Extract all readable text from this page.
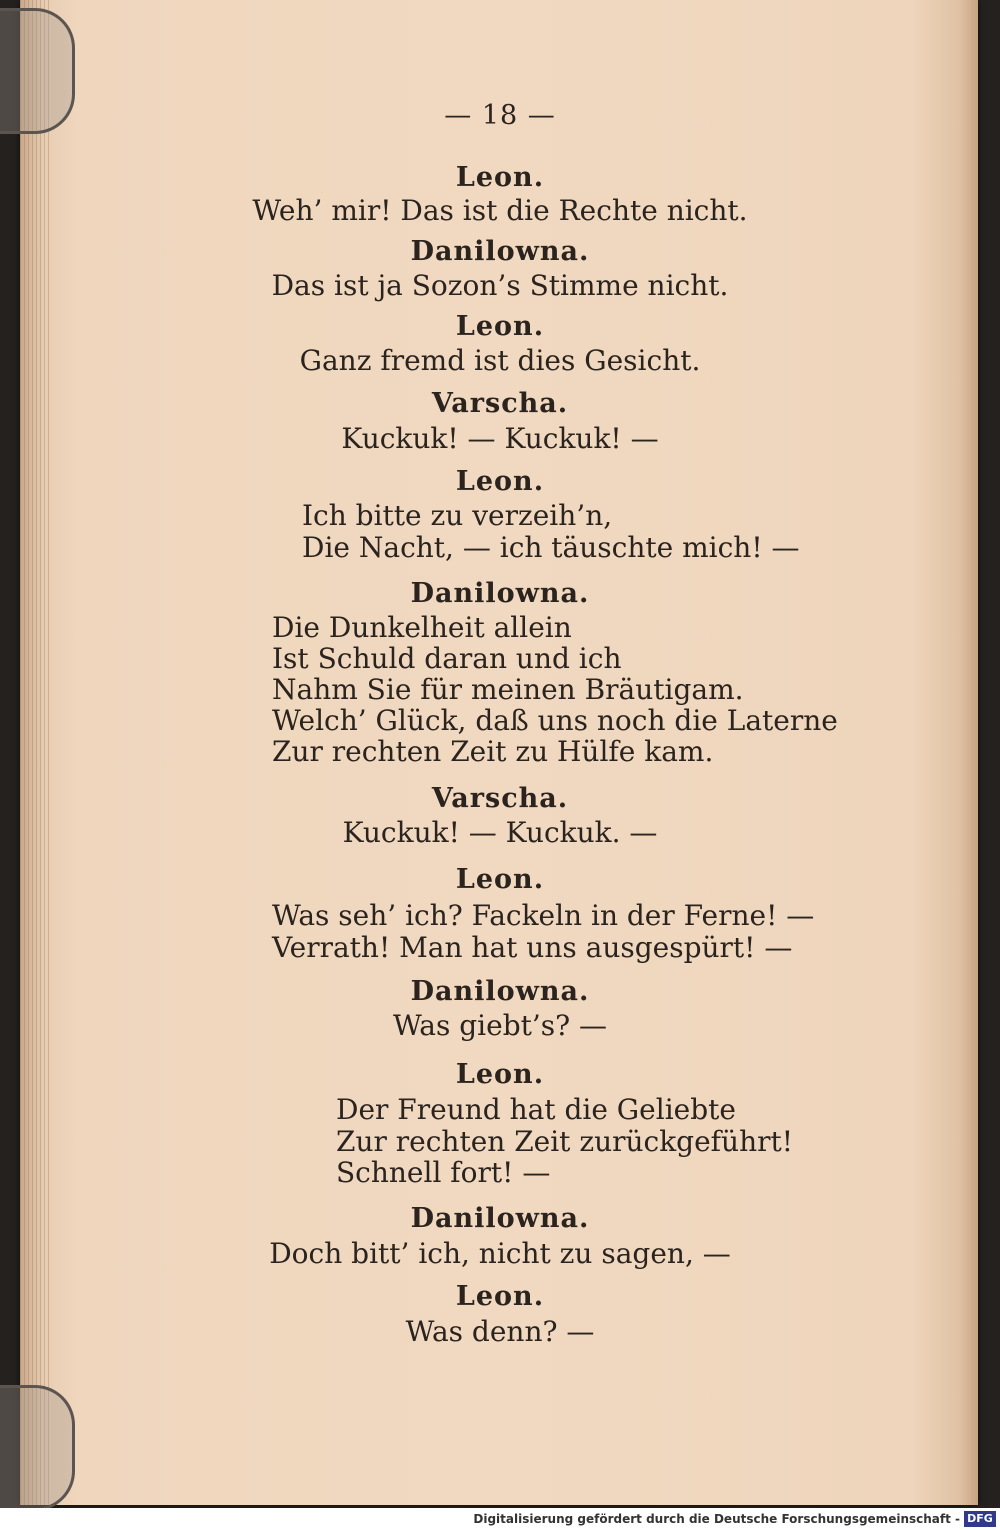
— 18 —
Leon.
Weh’ mir! Das ist die Rechte nicht.
Danilowna.
Das ist ja Sozon’s Stimme nicht.
Leon.
Ganz fremd ist dies Gesicht.
Varscha.
Kuckuk! — Kuckuk! —
Leon.
Ich bitte zu verzeih’n,
Die Nacht, — ich täuschte mich! —
Danilowna.
Die Dunkelheit allein
Ist Schuld daran und ich
Nahm Sie für meinen Bräutigam.
Welch’ Glück, daß uns noch die Laterne
Zur rechten Zeit zu Hülfe kam.
Varscha.
Kuckuk! — Kuckuk. —
Leon.
Was seh’ ich? Fackeln in der Ferne! —
Verrath! Man hat uns ausgespürt! —
Danilowna.
Was giebt’s? —
Leon.
Der Freund hat die Geliebte
Zur rechten Zeit zurückgeführt!
Schnell fort! —
Danilowna.
Doch bitt’ ich, nicht zu sagen, —
Leon.
Was denn? —
Digitalisierung gefördert durch die Deutsche Forschungsgemeinschaft - DFG
